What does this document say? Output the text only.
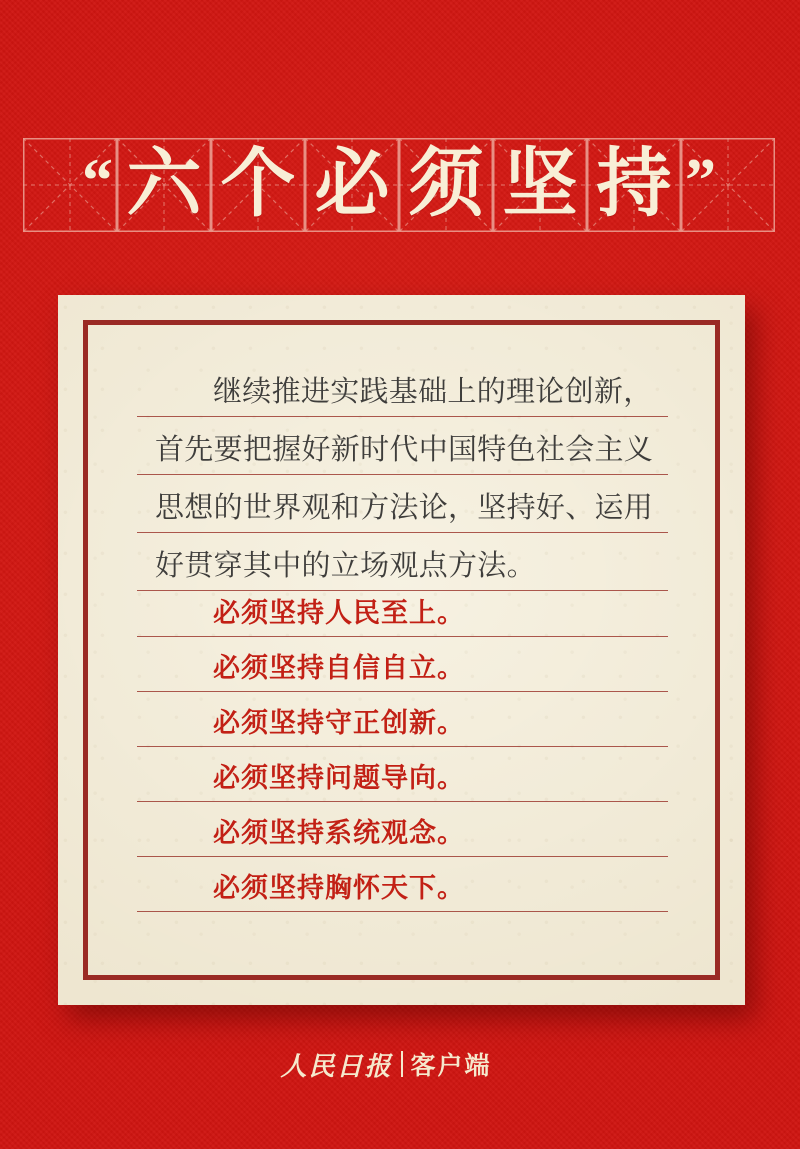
“ 六 个 必 须 坚 持 ”
继续推进实践基础上的理论创新，
首先要把握好新时代中国特色社会主义
思想的世界观和方法论，坚持好、运用
好贯穿其中的立场观点方法。
必须坚持人民至上。
必须坚持自信自立。
必须坚持守正创新。
必须坚持问题导向。
必须坚持系统观念。
必须坚持胸怀天下。
人民日报 客户端
